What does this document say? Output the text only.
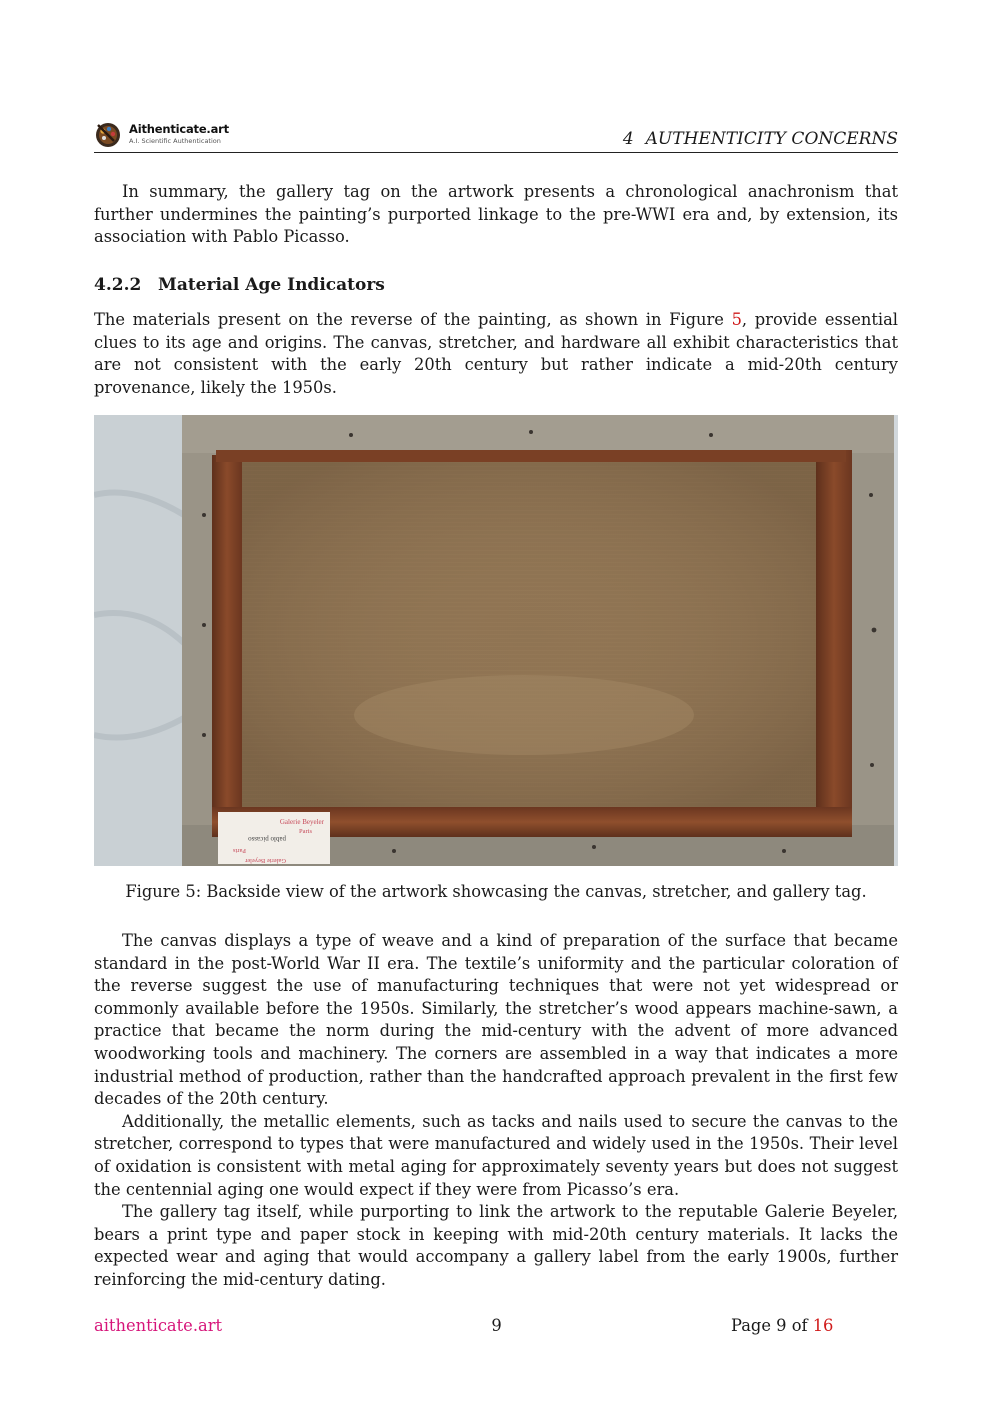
Aithenticate.art
A.I. Scientific Authentication	4 AUTHENTICITY CONCERNS

In summary, the gallery tag on the artwork presents a chronological anachronism that further undermines the painting’s purported linkage to the pre-WWI era and, by extension, its association with Pablo Picasso.

4.2.2 Material Age Indicators

The materials present on the reverse of the painting, as shown in Figure 5, provide essential clues to its age and origins. The canvas, stretcher, and hardware all exhibit characteristics that are not consistent with the early 20th century but rather indicate a mid-20th century provenance, likely the 1950s.

Galerie Beyeler
Paris
pablo picasso
Paris
Galerie Beyeler
Figure 5: Backside view of the artwork showcasing the canvas, stretcher, and gallery tag.

The canvas displays a type of weave and a kind of preparation of the surface that became standard in the post-World War II era. The textile’s uniformity and the particular coloration of the reverse suggest the use of manufacturing techniques that were not yet widespread or commonly available before the 1950s. Similarly, the stretcher’s wood appears machine-sawn, a practice that became the norm during the mid-century with the advent of more advanced woodworking tools and machinery. The corners are assembled in a way that indicates a more industrial method of production, rather than the handcrafted approach prevalent in the first few decades of the 20th century.

Additionally, the metallic elements, such as tacks and nails used to secure the canvas to the stretcher, correspond to types that were manufactured and widely used in the 1950s. Their level of oxidation is consistent with metal aging for approximately seventy years but does not suggest the centennial aging one would expect if they were from Picasso’s era.

The gallery tag itself, while purporting to link the artwork to the reputable Galerie Beyeler, bears a print type and paper stock in keeping with mid-20th century materials. It lacks the expected wear and aging that would accompany a gallery label from the early 1900s, further reinforcing the mid-century dating.

aithenticate.art	9	Page 9 of 16
